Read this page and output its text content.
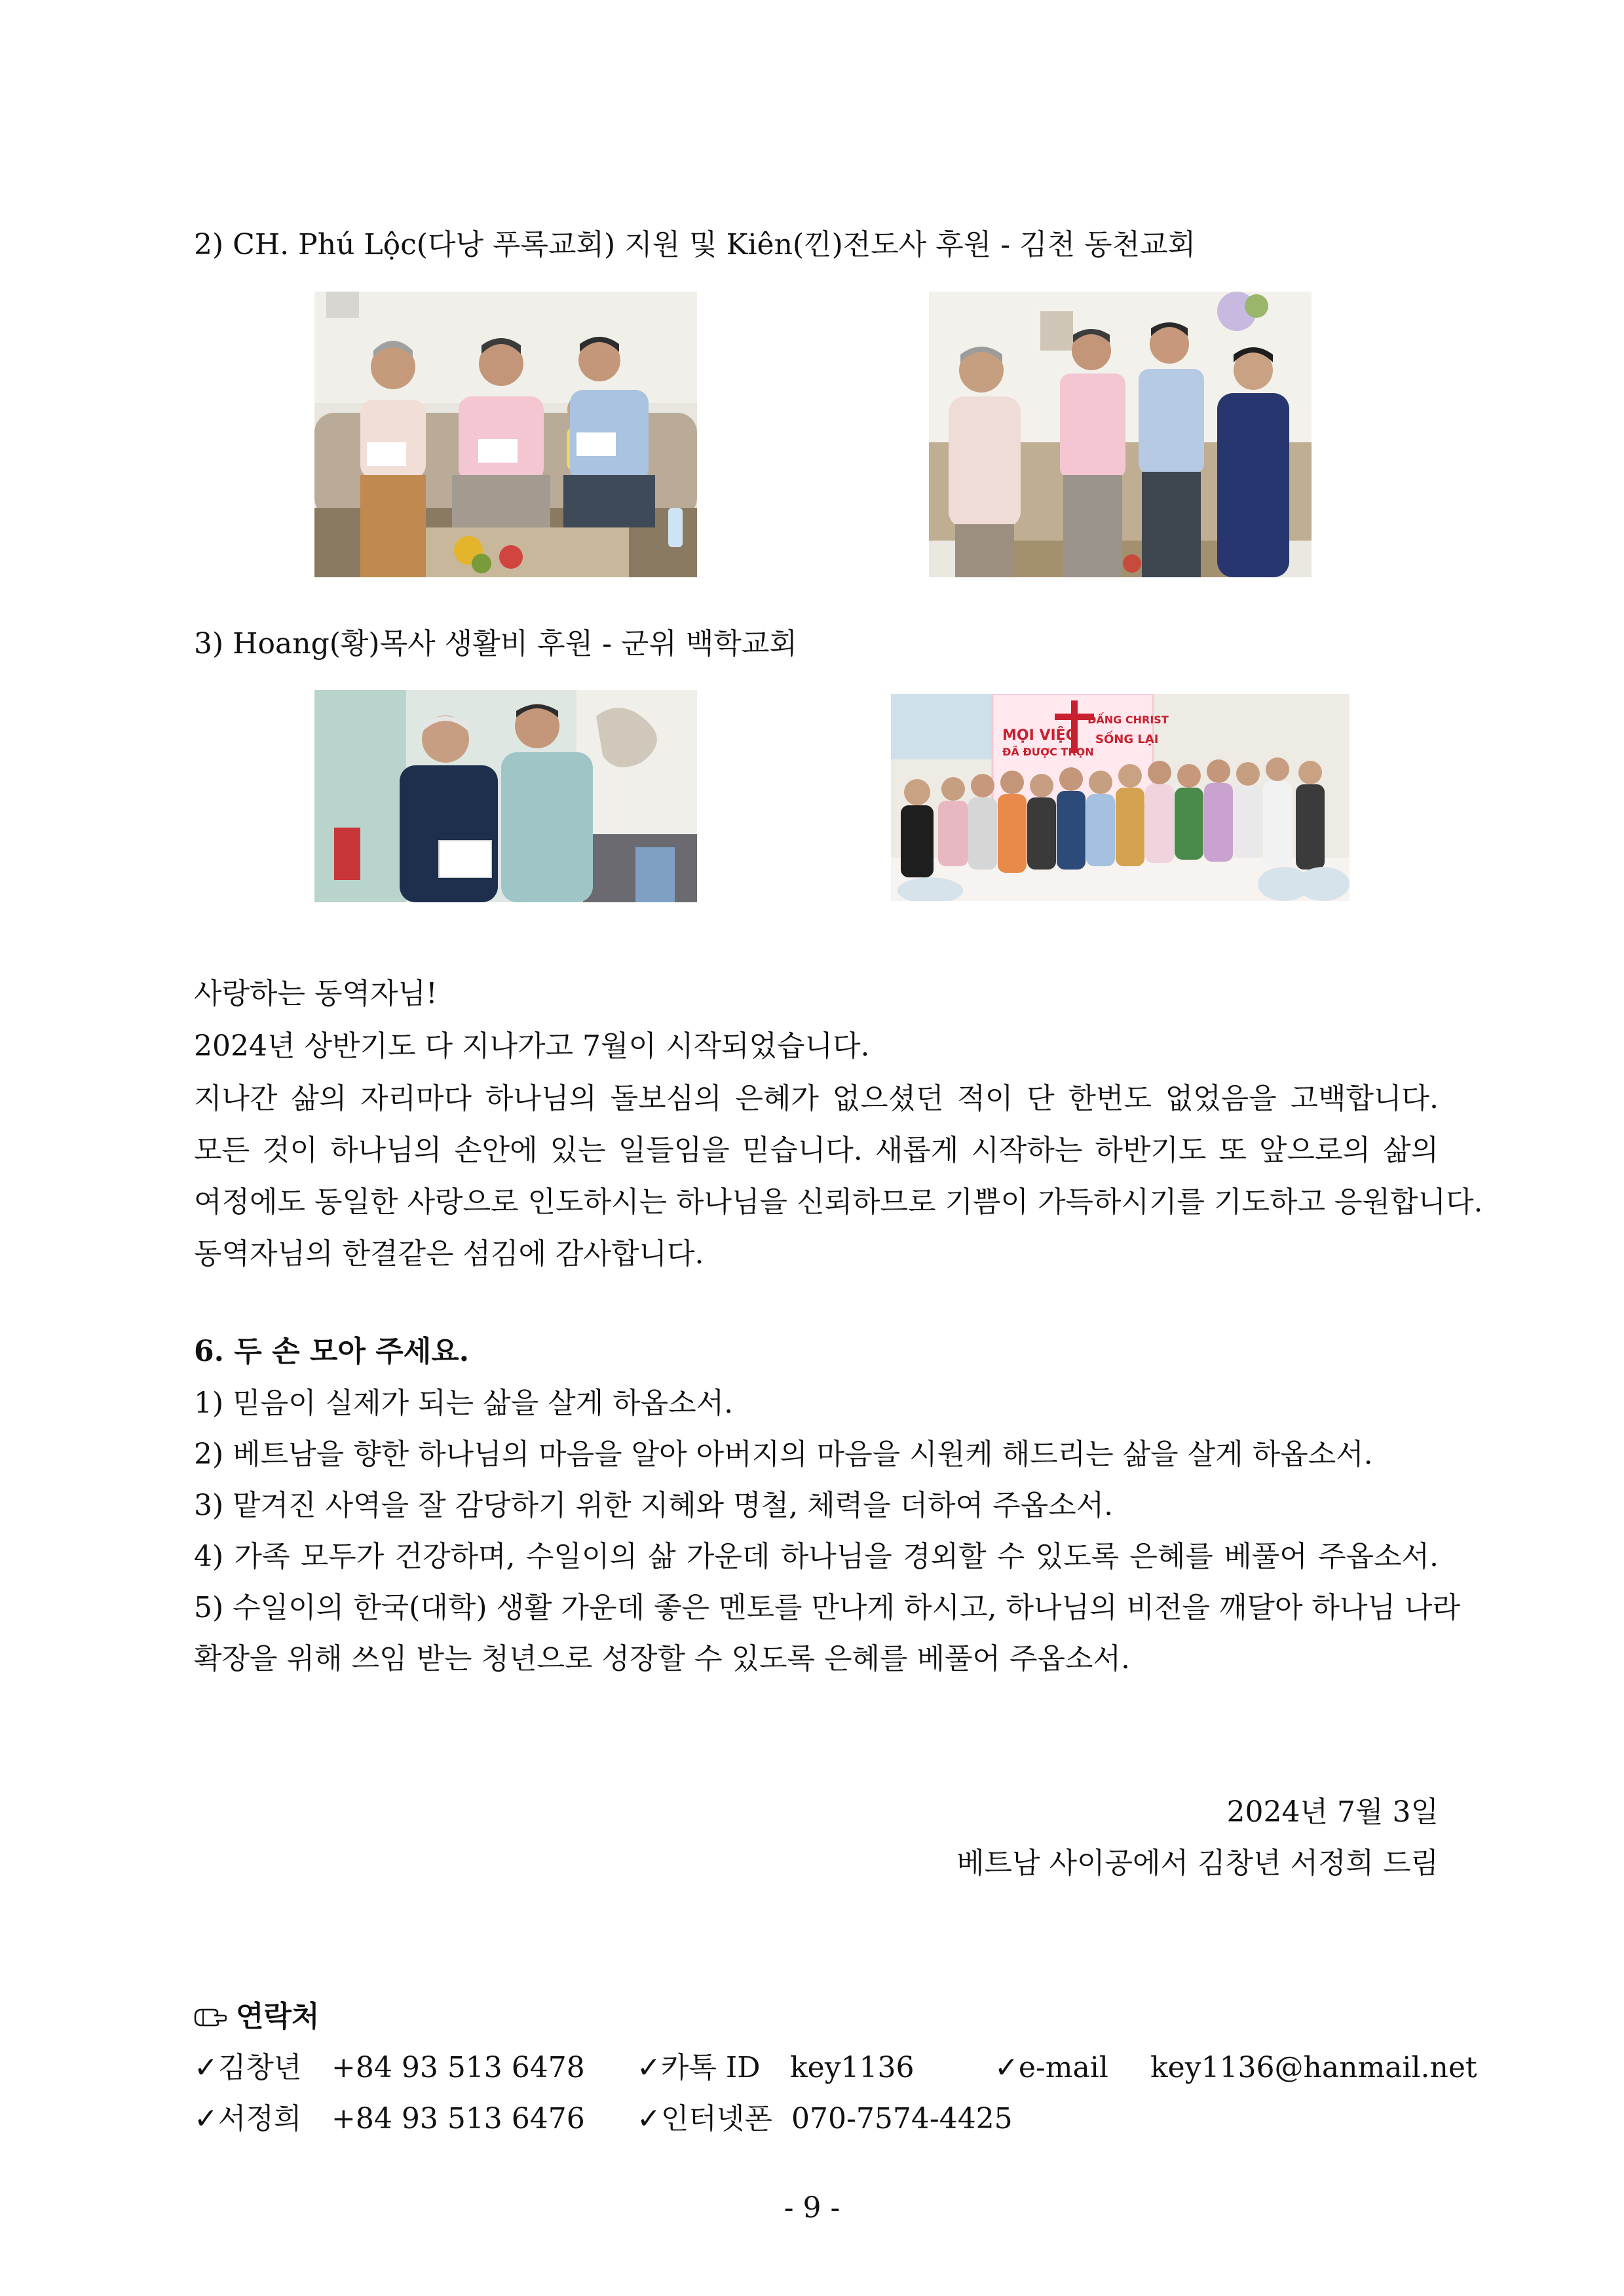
2) CH. Phú Lộc(다낭 푸록교회) 지원 및 Kiên(낀)전도사 후원 - 김천 동천교회
3) Hoang(황)목사 생활비 후원 - 군위 백학교회
MỌI VIỆC
ĐÃ ĐƯỢC TRỌN
ĐẤNG CHRIST
SỐNG LẠI
사랑하는 동역자님!
2024년 상반기도 다 지나가고 7월이 시작되었습니다.
지나간 삶의 자리마다 하나님의 돌보심의 은혜가 없으셨던 적이 단 한번도 없었음을 고백합니다.
모든 것이 하나님의 손안에 있는 일들임을 믿습니다. 새롭게 시작하는 하반기도 또 앞으로의 삶의
여정에도 동일한 사랑으로 인도하시는 하나님을 신뢰하므로 기쁨이 가득하시기를 기도하고 응원합니다.
동역자님의 한결같은 섬김에 감사합니다.
6. 두 손 모아 주세요.
1) 믿음이 실제가 되는 삶을 살게 하옵소서.
2) 베트남을 향한 하나님의 마음을 알아 아버지의 마음을 시원케 해드리는 삶을 살게 하옵소서.
3) 맡겨진 사역을 잘 감당하기 위한 지혜와 명철, 체력을 더하여 주옵소서.
4) 가족 모두가 건강하며, 수일이의 삶 가운데 하나님을 경외할 수 있도록 은혜를 베풀어 주옵소서.
5) 수일이의 한국(대학) 생활 가운데 좋은 멘토를 만나게 하시고, 하나님의 비전을 깨달아 하나님 나라
확장을 위해 쓰임 받는 청년으로 성장할 수 있도록 은혜를 베풀어 주옵소서.
2024년 7월 3일
베트남 사이공에서 김창년 서정희 드림
연락처
✓김창년 +84 93 513 6478 ✓카톡 ID key1136	✓e-mail key1136@hanmail.net
✓서정희 +84 93 513 6476 ✓인터넷폰 070-7574-4425
- 9 -
